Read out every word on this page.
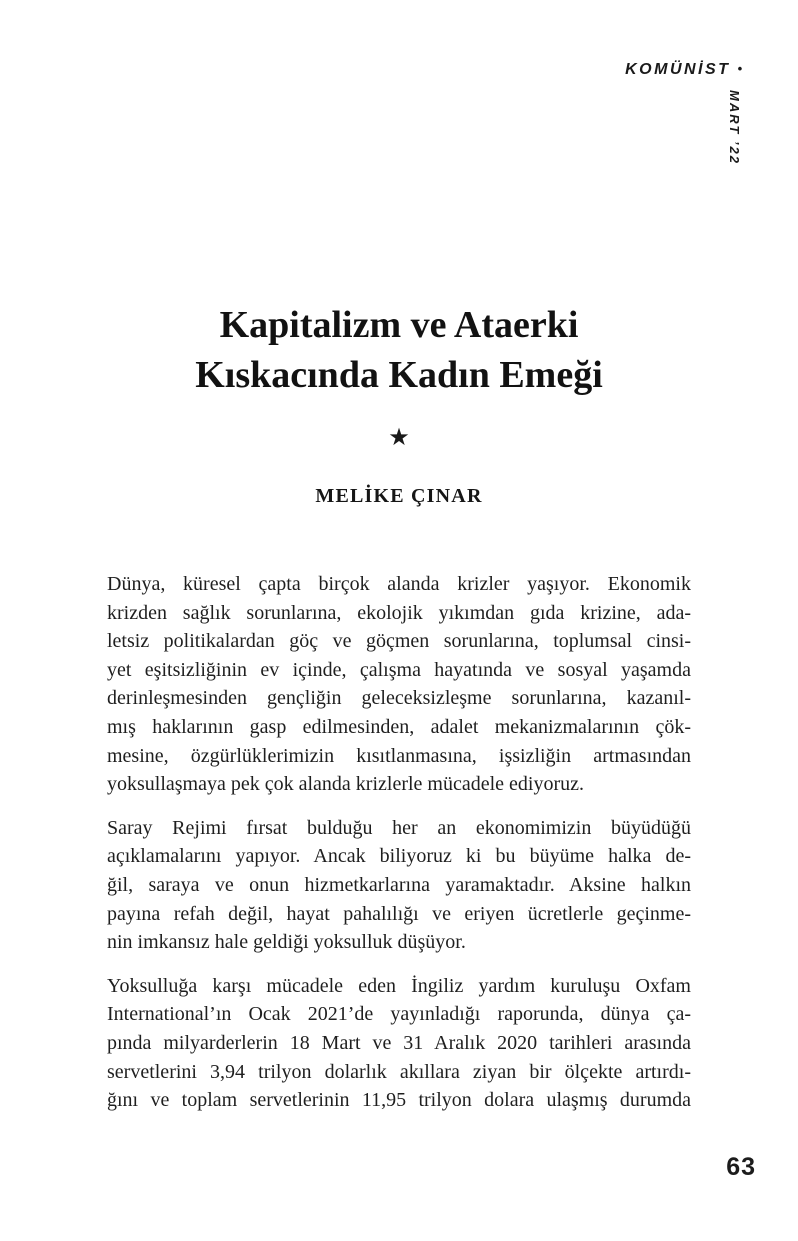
KOMÜNİST •
MART ’22
Kapitalizm ve Ataerki
Kıskacında Kadın Emeği
★
MELİKE ÇINAR
Dünya, küresel çapta birçok alanda krizler yaşıyor. Ekonomik
krizden sağlık sorunlarına, ekolojik yıkımdan gıda krizine, ada-
letsiz politikalardan göç ve göçmen sorunlarına, toplumsal cinsi-
yet eşitsizliğinin ev içinde, çalışma hayatında ve sosyal yaşamda
derinleşmesinden gençliğin geleceksizleşme sorunlarına, kazanıl-
mış haklarının gasp edilmesinden, adalet mekanizmalarının çök-
mesine, özgürlüklerimizin kısıtlanmasına, işsizliğin artmasından
yoksullaşmaya pek çok alanda krizlerle mücadele ediyoruz.
Saray Rejimi fırsat bulduğu her an ekonomimizin büyüdüğü
açıklamalarını yapıyor. Ancak biliyoruz ki bu büyüme halka de-
ğil, saraya ve onun hizmetkarlarına yaramaktadır. Aksine halkın
payına refah değil, hayat pahalılığı ve eriyen ücretlerle geçinme-
nin imkansız hale geldiği yoksulluk düşüyor.
Yoksulluğa karşı mücadele eden İngiliz yardım kuruluşu Oxfam
International’ın Ocak 2021’de yayınladığı raporunda, dünya ça-
pında milyarderlerin 18 Mart ve 31 Aralık 2020 tarihleri arasında
servetlerini 3,94 trilyon dolarlık akıllara ziyan bir ölçekte artırdı-
ğını ve toplam servetlerinin 11,95 trilyon dolara ulaşmış durumda
63
